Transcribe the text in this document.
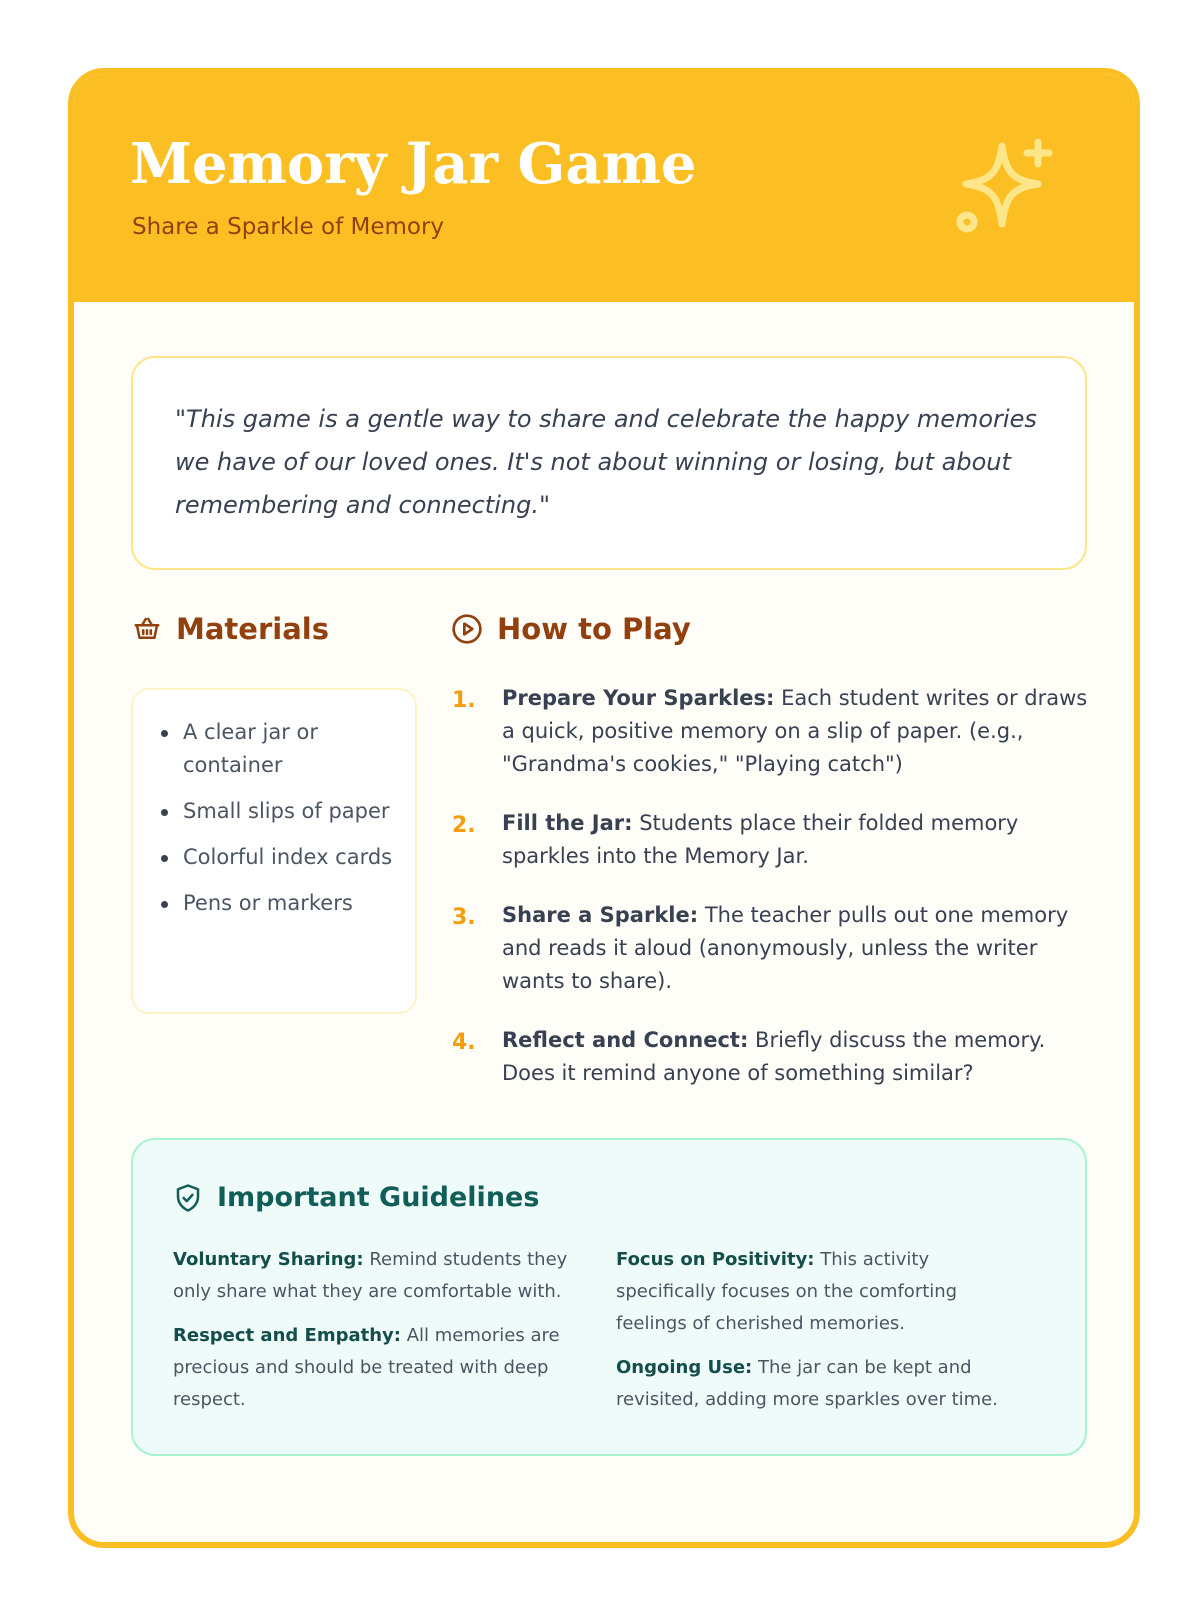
Memory Jar Game
Share a Sparkle of Memory
"This game is a gentle way to share and celebrate the happy memories we have of our loved ones. It's not about winning or losing, but about remembering and connecting."
Materials
A clear jar or container
Small slips of paper
Colorful index cards
Pens or markers
How to Play
1. Prepare Your Sparkles: Each student writes or draws a quick, positive memory on a slip of paper. (e.g., "Grandma's cookies," "Playing catch")
2. Fill the Jar: Students place their folded memory sparkles into the Memory Jar.
3. Share a Sparkle: The teacher pulls out one memory and reads it aloud (anonymously, unless the writer wants to share).
4. Reflect and Connect: Briefly discuss the memory. Does it remind anyone of something similar?
Important Guidelines
Voluntary Sharing: Remind students they only share what they are comfortable with.
Respect and Empathy: All memories are precious and should be treated with deep respect.
Focus on Positivity: This activity specifically focuses on the comforting feelings of cherished memories.
Ongoing Use: The jar can be kept and revisited, adding more sparkles over time.
